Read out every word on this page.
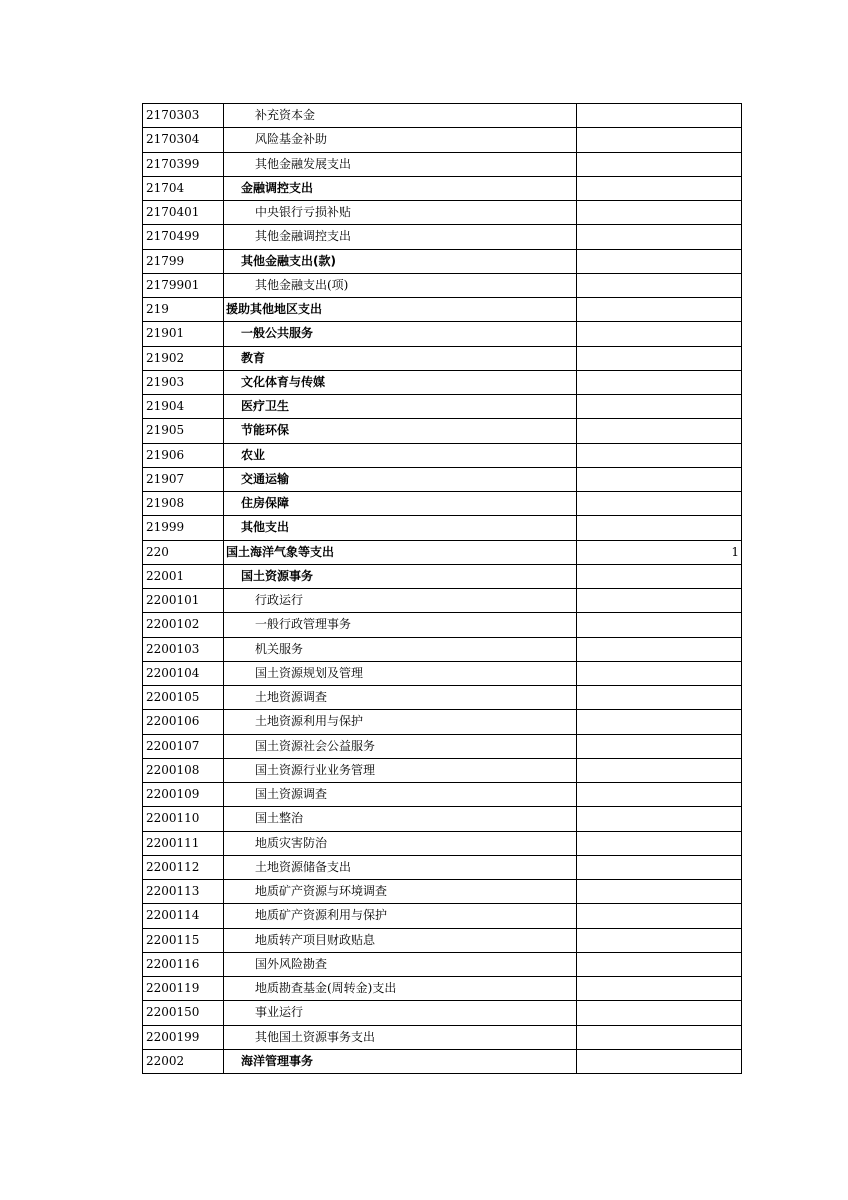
2170303	补充资本金	
2170304	风险基金补助	
2170399	其他金融发展支出	
21704	金融调控支出	
2170401	中央银行亏损补贴	
2170499	其他金融调控支出	
21799	其他金融支出(款)	
2179901	其他金融支出(项)	
219	援助其他地区支出	
21901	一般公共服务	
21902	教育	
21903	文化体育与传媒	
21904	医疗卫生	
21905	节能环保	
21906	农业	
21907	交通运输	
21908	住房保障	
21999	其他支出	
220	国土海洋气象等支出	1
22001	国土资源事务	
2200101	行政运行	
2200102	一般行政管理事务	
2200103	机关服务	
2200104	国土资源规划及管理	
2200105	土地资源调查	
2200106	土地资源利用与保护	
2200107	国土资源社会公益服务	
2200108	国土资源行业业务管理	
2200109	国土资源调查	
2200110	国土整治	
2200111	地质灾害防治	
2200112	土地资源储备支出	
2200113	地质矿产资源与环境调查	
2200114	地质矿产资源利用与保护	
2200115	地质转产项目财政贴息	
2200116	国外风险勘查	
2200119	地质勘查基金(周转金)支出	
2200150	事业运行	
2200199	其他国土资源事务支出	
22002	海洋管理事务	
